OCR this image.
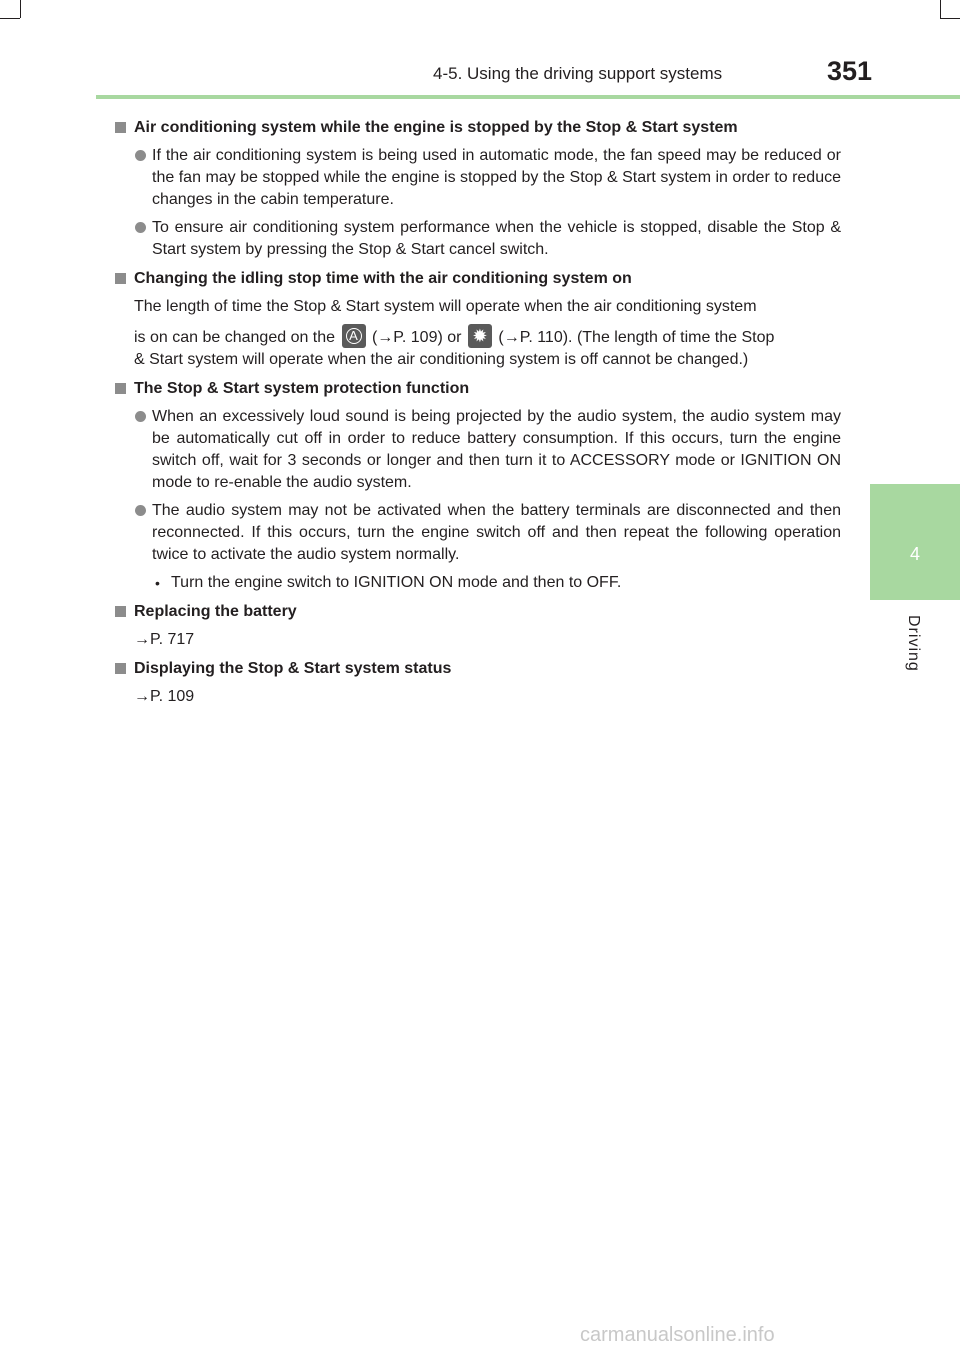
4-5. Using the driving support systems	351
4
Driving
Air conditioning system while the engine is stopped by the Stop & Start system
If the air conditioning system is being used in automatic mode, the fan speed may be reduced or the fan may be stopped while the engine is stopped by the Stop & Start system in order to reduce changes in the cabin temperature.
To ensure air conditioning system performance when the vehicle is stopped, disable the Stop & Start system by pressing the Stop & Start cancel switch.
Changing the idling stop time with the air conditioning system on
The length of time the Stop & Start system will operate when the air conditioning system
is on can be changed on the	A (→P. 109) or ✹ (→P. 110). (The length of time the Stop
& Start system will operate when the air conditioning system is off cannot be changed.)
The Stop & Start system protection function
When an excessively loud sound is being projected by the audio system, the audio system may be automatically cut off in order to reduce battery consumption. If this occurs, turn the engine switch off, wait for 3 seconds or longer and then turn it to ACCESSORY mode or IGNITION ON mode to re-enable the audio system.
The audio system may not be activated when the battery terminals are disconnected and then reconnected. If this occurs, turn the engine switch off and then repeat the following operation twice to activate the audio system normally.
• Turn the engine switch to IGNITION ON mode and then to OFF.
Replacing the battery
→P. 717
Displaying the Stop & Start system status
→P. 109
carmanualsonline.info
